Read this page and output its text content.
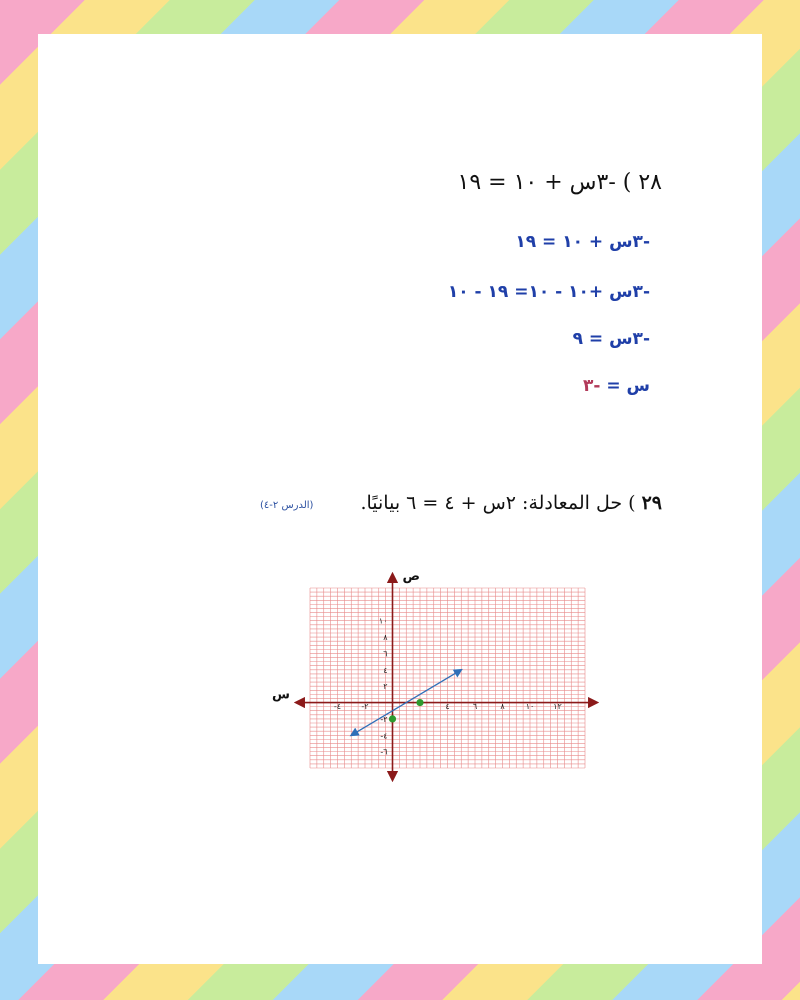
٢٨ ) -٣س + ١٠ = ١٩
-٣س + ١٠ = ١٩
-٣س +١٠ - ١٠= ١٩ - ١٠
-٣س = ٩
س = -٣
٢٩ ) حل المعادلة: ٢س + ٤ = ٦ بيانيًا.
(الدرس ٢-٤)
س
ص
-٤	-٢	٤	٦	٨	١٠ ١٢
١٠
٨
٦
٤
٢
-٢
-٤
-٦
